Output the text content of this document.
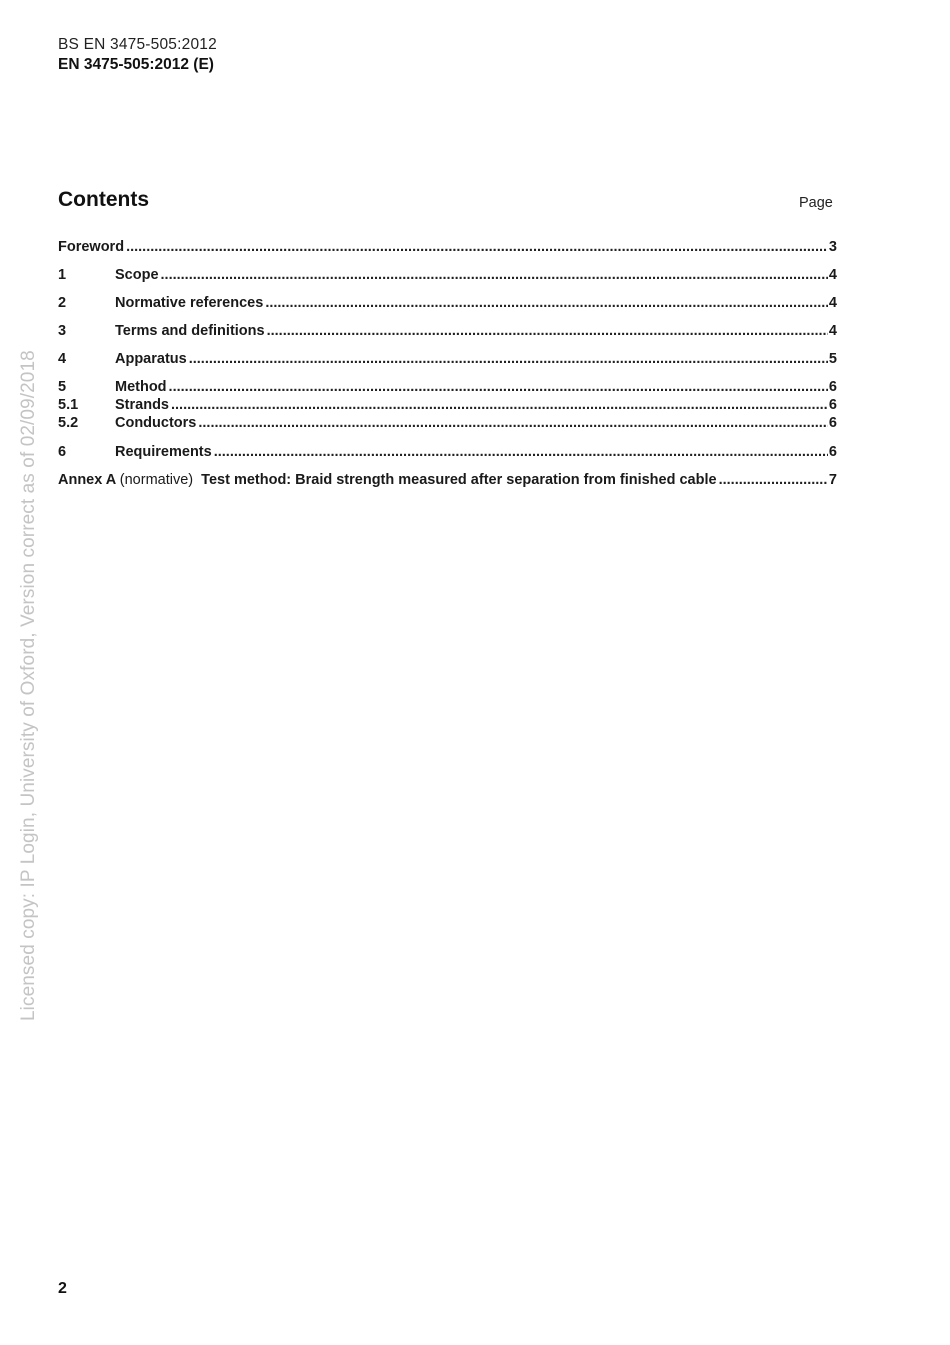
BS EN 3475-505:2012
EN 3475-505:2012 (E)
Contents	Page
Foreword .....	3
1	Scope .....	4
2	Normative references .....	4
3	Terms and definitions .....	4
4	Apparatus .....	5
5	Method .....	6
5.1	Strands .....	6
5.2	Conductors .....	6
6	Requirements .....	6
Annex A (normative) Test method: Braid strength measured after separation from finished cable .....	7
Licensed copy: IP Login, University of Oxford, Version correct as of 02/09/2018
2
